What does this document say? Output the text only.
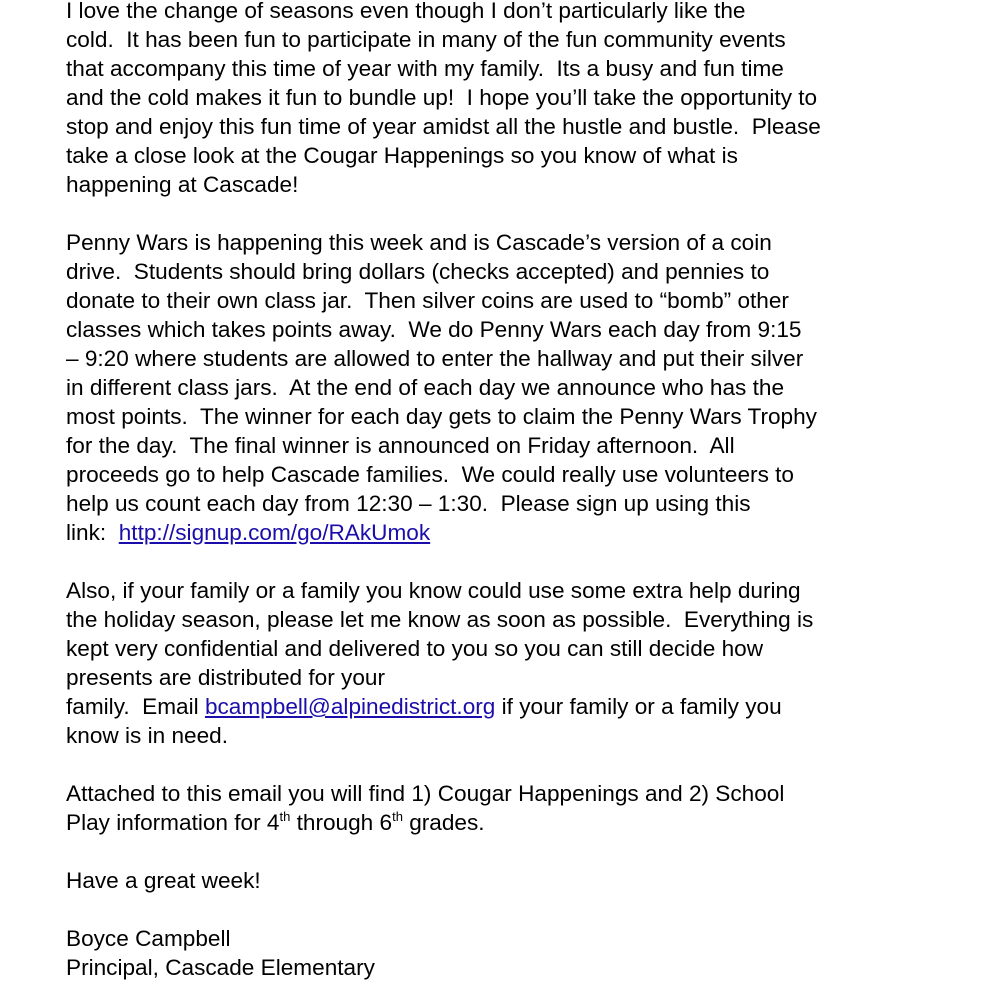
I love the change of seasons even though I don’t particularly like the
cold.  It has been fun to participate in many of the fun community events
that accompany this time of year with my family.  Its a busy and fun time
and the cold makes it fun to bundle up!  I hope you’ll take the opportunity to
stop and enjoy this fun time of year amidst all the hustle and bustle.  Please
take a close look at the Cougar Happenings so you know of what is
happening at Cascade!
Penny Wars is happening this week and is Cascade’s version of a coin
drive.  Students should bring dollars (checks accepted) and pennies to
donate to their own class jar.  Then silver coins are used to “bomb” other
classes which takes points away.  We do Penny Wars each day from 9:15
– 9:20 where students are allowed to enter the hallway and put their silver
in different class jars.  At the end of each day we announce who has the
most points.  The winner for each day gets to claim the Penny Wars Trophy
for the day.  The final winner is announced on Friday afternoon.  All
proceeds go to help Cascade families.  We could really use volunteers to
help us count each day from 12:30 – 1:30.  Please sign up using this
link:  http://signup.com/go/RAkUmok
Also, if your family or a family you know could use some extra help during
the holiday season, please let me know as soon as possible.  Everything is
kept very confidential and delivered to you so you can still decide how
presents are distributed for your
family.  Email bcampbell@alpinedistrict.org if your family or a family you
know is in need.
Attached to this email you will find 1) Cougar Happenings and 2) School
Play information for 4th through 6th grades.
Have a great week!
Boyce Campbell
Principal, Cascade Elementary
